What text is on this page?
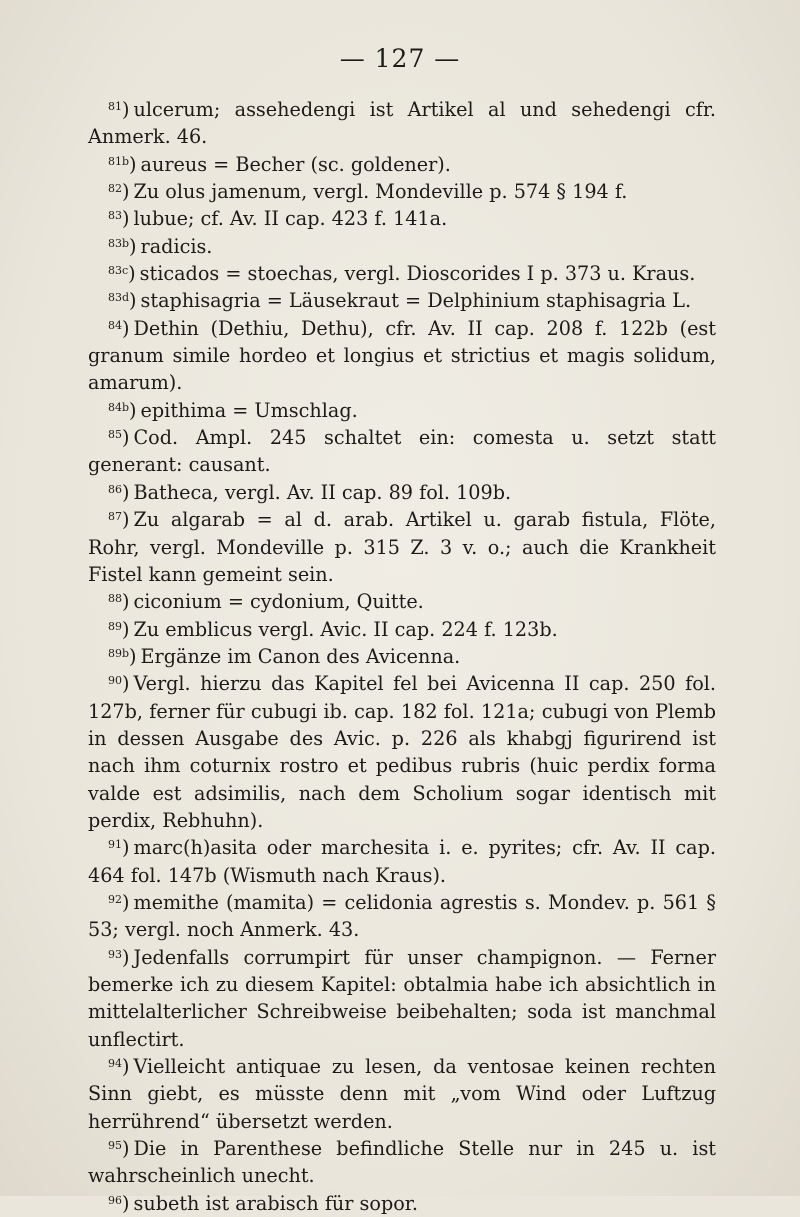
— 127 —

$^{81}$) ulcerum; assehedengi ist Artikel al und sehedengi cfr. Anmerk. 46.

$^{81b}$) aureus = Becher (sc. goldener).

$^{82}$) Zu olus jamenum, vergl. Mondeville p. 574 § 194 f.

$^{83}$) lubue; cf. Av. II cap. 423 f. 141a.

$^{83b}$) radicis.

$^{83c}$) sticados = stoechas, vergl. Dioscorides I p. 373 u. Kraus.

$^{83d}$) staphisagria = Läusekraut = Delphinium staphisagria L.

$^{84}$) Dethin (Dethiu, Dethu), cfr. Av. II cap. 208 f. 122b (est granum simile hordeo et longius et strictius et magis solidum, amarum).

$^{84b}$) epithima = Umschlag.

$^{85}$) Cod. Ampl. 245 schaltet ein: comesta u. setzt statt generant: causant.

$^{86}$) Batheca, vergl. Av. II cap. 89 fol. 109b.

$^{87}$) Zu algarab = al d. arab. Artikel u. garab fistula, Flöte, Rohr, vergl. Mondeville p. 315 Z. 3 v. o.; auch die Krankheit Fistel kann gemeint sein.

$^{88}$) ciconium = cydonium, Quitte.

$^{89}$) Zu emblicus vergl. Avic. II cap. 224 f. 123b.

$^{89b}$) Ergänze im Canon des Avicenna.

$^{90}$) Vergl. hierzu das Kapitel fel bei Avicenna II cap. 250 fol. 127b, ferner für cubugi ib. cap. 182 fol. 121a; cubugi von Plemb in dessen Ausgabe des Avic. p. 226 als khabgj figurirend ist nach ihm coturnix rostro et pedibus rubris (huic perdix forma valde est adsimilis, nach dem Scholium sogar identisch mit perdix, Rebhuhn).

$^{91}$) marc(h)asita oder marchesita i. e. pyrites; cfr. Av. II cap. 464 fol. 147b (Wismuth nach Kraus).

$^{92}$) memithe (mamita) = celidonia agrestis s. Mondev. p. 561 § 53; vergl. noch Anmerk. 43.

$^{93}$) Jedenfalls corrumpirt für unser champignon. — Ferner bemerke ich zu diesem Kapitel: obtalmia habe ich absichtlich in mittelalterlicher Schreibweise beibehalten; soda ist manchmal unflectirt.

$^{94}$) Vielleicht antiquae zu lesen, da ventosae keinen rechten Sinn giebt, es müsste denn mit „vom Wind oder Luftzug herrührend“ übersetzt werden.

$^{95}$) Die in Parenthese befindliche Stelle nur in 245 u. ist wahrscheinlich unecht.

$^{96}$) subeth ist arabisch für sopor.
